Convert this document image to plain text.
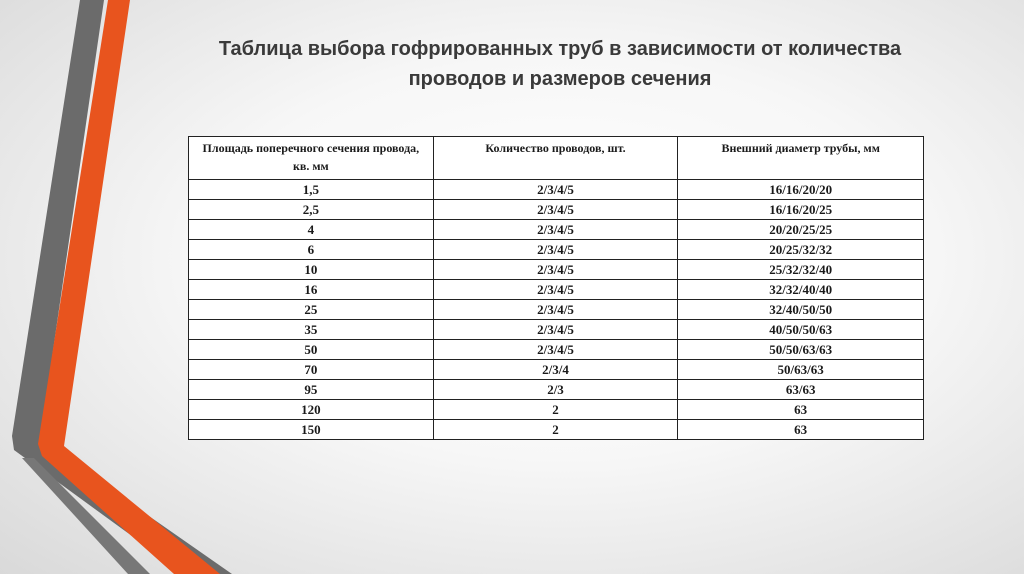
Таблица выбора гофрированных труб в зависимости от количества
проводов и размеров сечения
Площадь поперечного сечения провода, кв. мм	Количество проводов, шт.	Внешний диаметр трубы, мм
1,5	2/3/4/5	16/16/20/20
2,5	2/3/4/5	16/16/20/25
4	2/3/4/5	20/20/25/25
6	2/3/4/5	20/25/32/32
10	2/3/4/5	25/32/32/40
16	2/3/4/5	32/32/40/40
25	2/3/4/5	32/40/50/50
35	2/3/4/5	40/50/50/63
50	2/3/4/5	50/50/63/63
70	2/3/4	50/63/63
95	2/3	63/63
120	2	63
150	2	63
